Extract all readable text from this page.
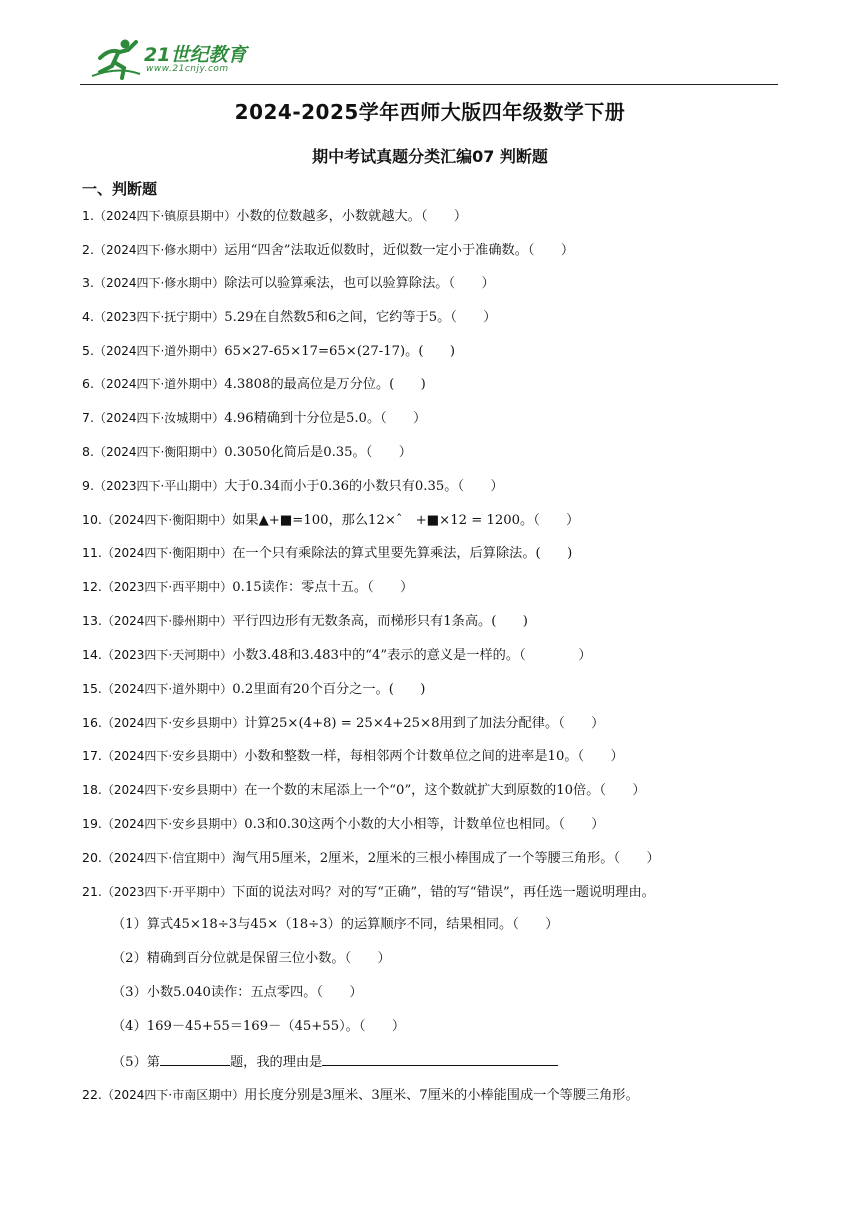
21世纪教育
www.21cnjy.com
2024-2025学年西师大版四年级数学下册
期中考试真题分类汇编07 判断题
一、判断题
1.（2024四下·镇原县期中）小数的位数越多，小数就越大。（　　）
2.（2024四下·修水期中）运用“四舍”法取近似数时，近似数一定小于准确数。（　　）
3.（2024四下·修水期中）除法可以验算乘法，也可以验算除法。（　　）
4.（2023四下·抚宁期中）5.29在自然数5和6之间，它约等于5。（　　）
5.（2024四下·道外期中）65×27-65×17=65×(27-17)。(　　)
6.（2024四下·道外期中）4.3808的最高位是万分位。(　　)
7.（2024四下·汝城期中）4.96精确到十分位是5.0。（　　）
8.（2024四下·衡阳期中）0.3050化简后是0.35。（　　）
9.（2023四下·平山期中）大于0.34而小于0.36的小数只有0.35。（　　）
10.（2024四下·衡阳期中）如果▲+■=100，那么12×ˆ　+■×12 = 1200。（　　）
11.（2024四下·衡阳期中）在一个只有乘除法的算式里要先算乘法，后算除法。(　　)
12.（2023四下·西平期中）0.15读作：零点十五。（　　）
13.（2024四下·滕州期中）平行四边形有无数条高，而梯形只有1条高。(　　)
14.（2023四下·天河期中）小数3.48和3.483中的“4”表示的意义是一样的。（　　　　）
15.（2024四下·道外期中）0.2里面有20个百分之一。(　　)
16.（2024四下·安乡县期中）计算25×(4+8) = 25×4+25×8用到了加法分配律。（　　）
17.（2024四下·安乡县期中）小数和整数一样，每相邻两个计数单位之间的进率是10。（　　）
18.（2024四下·安乡县期中）在一个数的末尾添上一个“0”，这个数就扩大到原数的10倍。（　　）
19.（2024四下·安乡县期中）0.3和0.30这两个小数的大小相等，计数单位也相同。（　　）
20.（2024四下·信宜期中）淘气用5厘米，2厘米，2厘米的三根小棒围成了一个等腰三角形。（　　）
21.（2023四下·开平期中）下面的说法对吗？对的写“正确”，错的写“错误”，再任选一题说明理由。
（1）算式45×18÷3与45×（18÷3）的运算顺序不同，结果相同。（　　）
（2）精确到百分位就是保留三位小数。（　　）
（3）小数5.040读作：五点零四。（　　）
（4）169－45+55＝169－（45+55）。（　　）
（5）第	题，我的理由是
22.（2024四下·市南区期中）用长度分别是3厘米、3厘米、7厘米的小棒能围成一个等腰三角形。
